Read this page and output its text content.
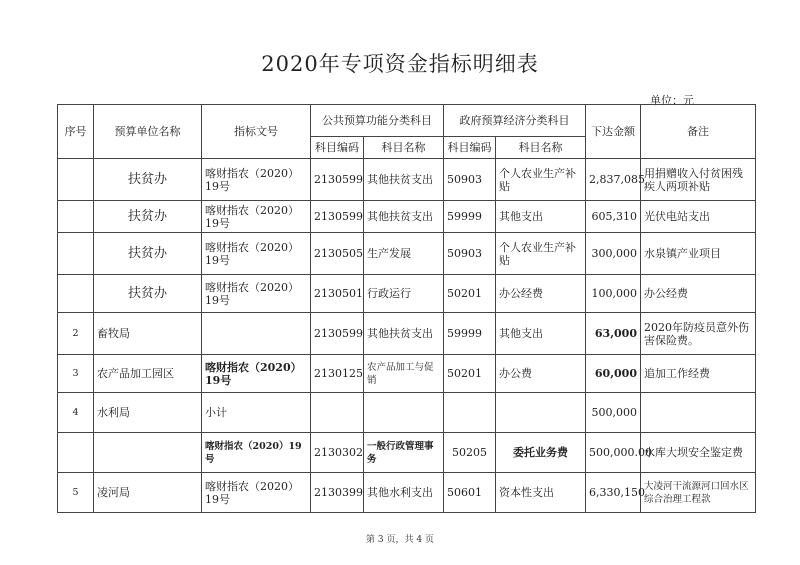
2020年专项资金指标明细表
单位：元
序号	预算单位名称	指标文号	公共预算功能分类科目		政府预算经济分类科目		下达金额	备注
			科目编码	科目名称	科目编码	科目名称		
	扶贫办	喀财指农（2020）19号	2130599	其他扶贫支出	50903	个人农业生产补贴	2,837,085	用捐赠收入付贫困残疾人两项补贴
	扶贫办	喀财指农（2020）19号	2130599	其他扶贫支出	59999	其他支出	605,310	光伏电站支出
	扶贫办	喀财指农（2020）19号	2130505	生产发展	50903	个人农业生产补贴	300,000	水泉镇产业项目
	扶贫办	喀财指农（2020）19号	2130501	行政运行	50201	办公经费	100,000	办公经费
2	畜牧局		2130599	其他扶贫支出	59999	其他支出	63,000	2020年防疫员意外伤害保险费。
3	农产品加工园区	喀财指农（2020）19号	2130125	农产品加工与促销	50201	办公费	60,000	追加工作经费
4	水利局	小计					500,000	
		喀财指农（2020）19号	2130302	一般行政管理事务	50205	委托业务费	500,000.00	水库大坝安全鉴定费
5	凌河局	喀财指农（2020）19号	2130399	其他水利支出	50601	资本性支出	6,330,150	大凌河干流源河口回水区综合治理工程款
第 3 页，共 4 页
